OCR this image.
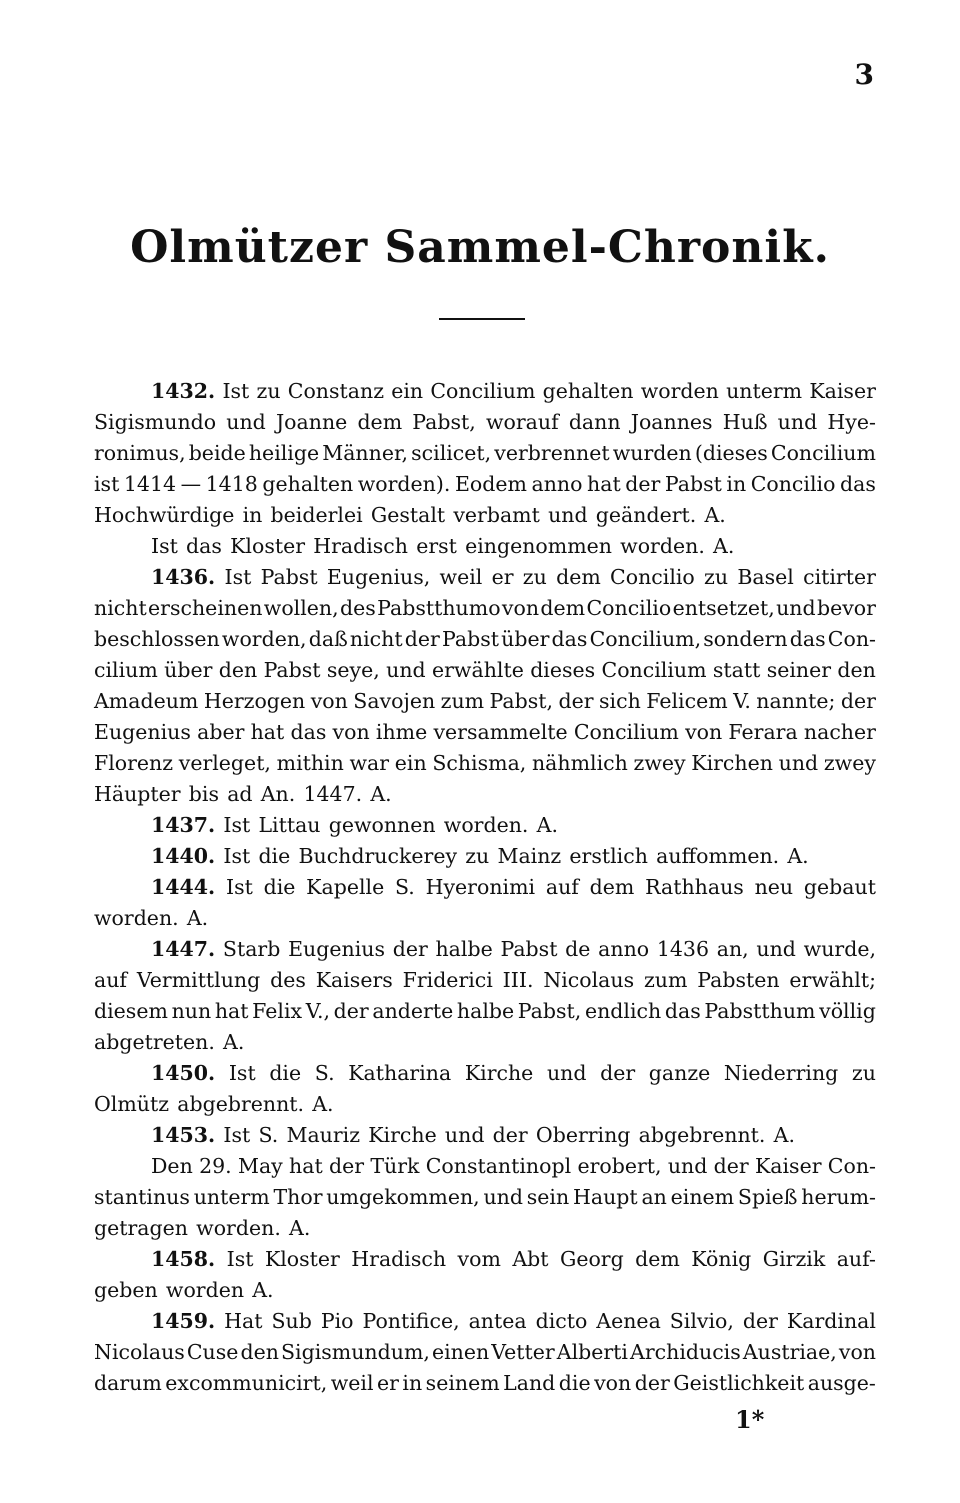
3
Olmützer Sammel-Chronik.
1432. Ist zu Constanz ein Concilium gehalten worden unterm Kaiser
Sigismundo und Joanne dem Pabst, worauf dann Joannes Huß und Hye-
ronimus, beide heilige Männer, scilicet, verbrennet wurden (dieses Concilium
ist 1414 — 1418 gehalten worden). Eodem anno hat der Pabst in Concilio das
Hochwürdige in beiderlei Gestalt verbamt und geändert. A.
Ist das Kloster Hradisch erst eingenommen worden. A.
1436. Ist Pabst Eugenius, weil er zu dem Concilio zu Basel citirter
nicht erscheinen wollen, des Pabstthumo von dem Concilio entsetzet, und bevor
beschlossen worden, daß nicht der Pabst über das Concilium, sondern das Con-
cilium über den Pabst seye, und erwählte dieses Concilium statt seiner den
Amadeum Herzogen von Savojen zum Pabst, der sich Felicem V. nannte; der
Eugenius aber hat das von ihme versammelte Concilium von Ferara nacher
Florenz verleget, mithin war ein Schisma, nähmlich zwey Kirchen und zwey
Häupter bis ad An. 1447. A.
1437. Ist Littau gewonnen worden. A.
1440. Ist die Buchdruckerey zu Mainz erstlich auffommen. A.
1444. Ist die Kapelle S. Hyeronimi auf dem Rathhaus neu gebaut
worden. A.
1447. Starb Eugenius der halbe Pabst de anno 1436 an, und wurde,
auf Vermittlung des Kaisers Friderici III. Nicolaus zum Pabsten erwählt;
diesem nun hat Felix V., der anderte halbe Pabst, endlich das Pabstthum völlig
abgetreten. A.
1450. Ist die S. Katharina Kirche und der ganze Niederring zu
Olmütz abgebrennt. A.
1453. Ist S. Mauriz Kirche und der Oberring abgebrennt. A.
Den 29. May hat der Türk Constantinopl erobert, und der Kaiser Con-
stantinus unterm Thor umgekommen, und sein Haupt an einem Spieß herum-
getragen worden. A.
1458. Ist Kloster Hradisch vom Abt Georg dem König Girzik auf-
geben worden A.
1459. Hat Sub Pio Pontifice, antea dicto Aenea Silvio, der Kardinal
Nicolaus Cuse den Sigismundum, einen Vetter Alberti Archiducis Austriae, von
darum excommunicirt, weil er in seinem Land die von der Geistlichkeit ausge-
1*
